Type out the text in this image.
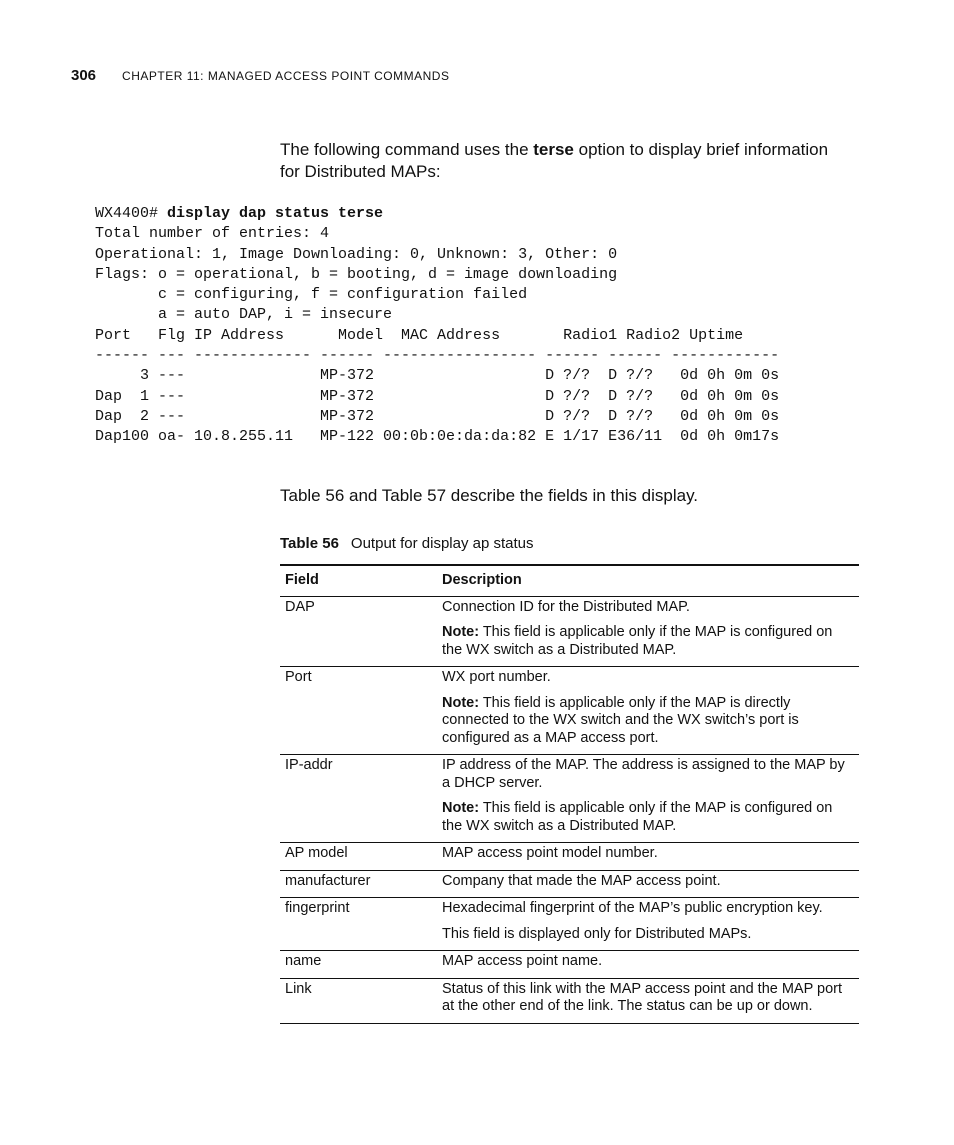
306 CHAPTER 11: MANAGED ACCESS POINT COMMANDS
The following command uses the terse option to display brief information for Distributed MAPs:
WX4400# display dap status terse
Total number of entries: 4
Operational: 1, Image Downloading: 0, Unknown: 3, Other: 0
Flags: o = operational, b = booting, d = image downloading
c = configuring, f = configuration failed
a = auto DAP, i = insecure
Port   Flg IP Address      Model  MAC Address       Radio1 Radio2 Uptime
------ --- ------------- ------ ----------------- ------ ------ ------------
3 ---               MP-372                   D ?/?  D ?/?   0d 0h 0m 0s
Dap  1 ---               MP-372                   D ?/?  D ?/?   0d 0h 0m 0s
Dap  2 ---               MP-372                   D ?/?  D ?/?   0d 0h 0m 0s
Dap100 oa- 10.8.255.11   MP-122 00:0b:0e:da:da:82 E 1/17 E36/11  0d 0h 0m17s
Table 56 and Table 57 describe the fields in this display.
Table 56 Output for display ap status
Field	Description
DAP	Connection ID for the Distributed MAP.

Note: This field is applicable only if the MAP is configured on the WX switch as a Distributed MAP.

Port	WX port number.

Note: This field is applicable only if the MAP is directly connected to the WX switch and the WX switch’s port is configured as a MAP access port.

IP-addr	IP address of the MAP. The address is assigned to the MAP by a DHCP server.

Note: This field is applicable only if the MAP is configured on the WX switch as a Distributed MAP.

AP model	MAP access point model number.

manufacturer	Company that made the MAP access point.

fingerprint	Hexadecimal fingerprint of the MAP’s public encryption key.

This field is displayed only for Distributed MAPs.

name	MAP access point name.

Link	Status of this link with the MAP access point and the MAP port at the other end of the link. The status can be up or down.
